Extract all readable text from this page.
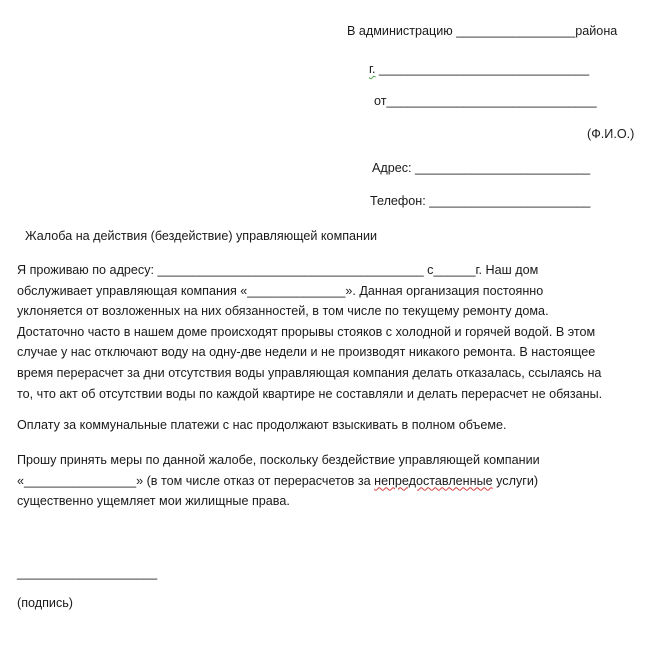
В администрацию _________________района
г. ______________________________
от______________________________
(Ф.И.О.)
Адрес: _________________________
Телефон: _______________________
Жалоба на действия (бездействие) управляющей компании
Я проживаю по адресу: ______________________________________ с______г. Наш дом
обслуживает управляющая компания «______________». Данная организация постоянно
уклоняется от возложенных на них обязанностей, в том числе по текущему ремонту дома.
Достаточно часто в нашем доме происходят прорывы стояков с холодной и горячей водой. В этом
случае у нас отключают воду на одну-две недели и не производят никакого ремонта. В настоящее
время перерасчет за дни отсутствия воды управляющая компания делать отказалась, ссылаясь на
то, что акт об отсутствии воды по каждой квартире не составляли и делать перерасчет не обязаны.
Оплату за коммунальные платежи с нас продолжают взыскивать в полном объеме.
Прошу принять меры по данной жалобе, поскольку бездействие управляющей компании
«________________» (в том числе отказ от перерасчетов за непредоставленные услуги)
существенно ущемляет мои жилищные права.
____________________
(подпись)
